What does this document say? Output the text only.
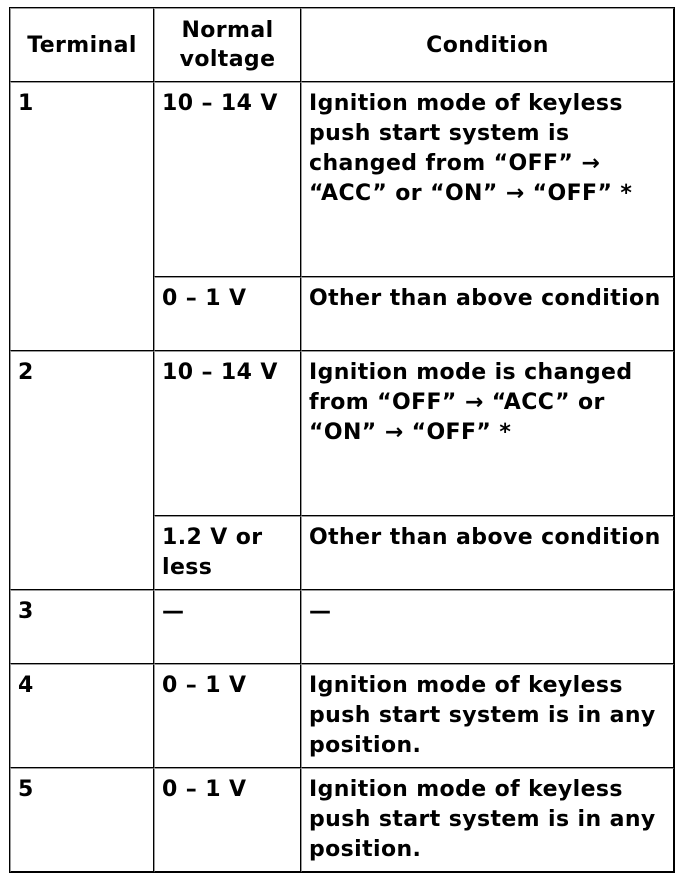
Terminal	Normal voltage	Condition
1	10 – 14 V	Ignition mode of keyless push start system is changed from “OFF” → “ACC” or “ON” → “OFF” *
	0 – 1 V	Other than above condition
2	10 – 14 V	Ignition mode is changed from “OFF” → “ACC” or “ON” → “OFF” *
	1.2 V or less	Other than above condition
3	—	—
4	0 – 1 V	Ignition mode of keyless push start system is in any position.
5	0 – 1 V	Ignition mode of keyless push start system is in any position.
